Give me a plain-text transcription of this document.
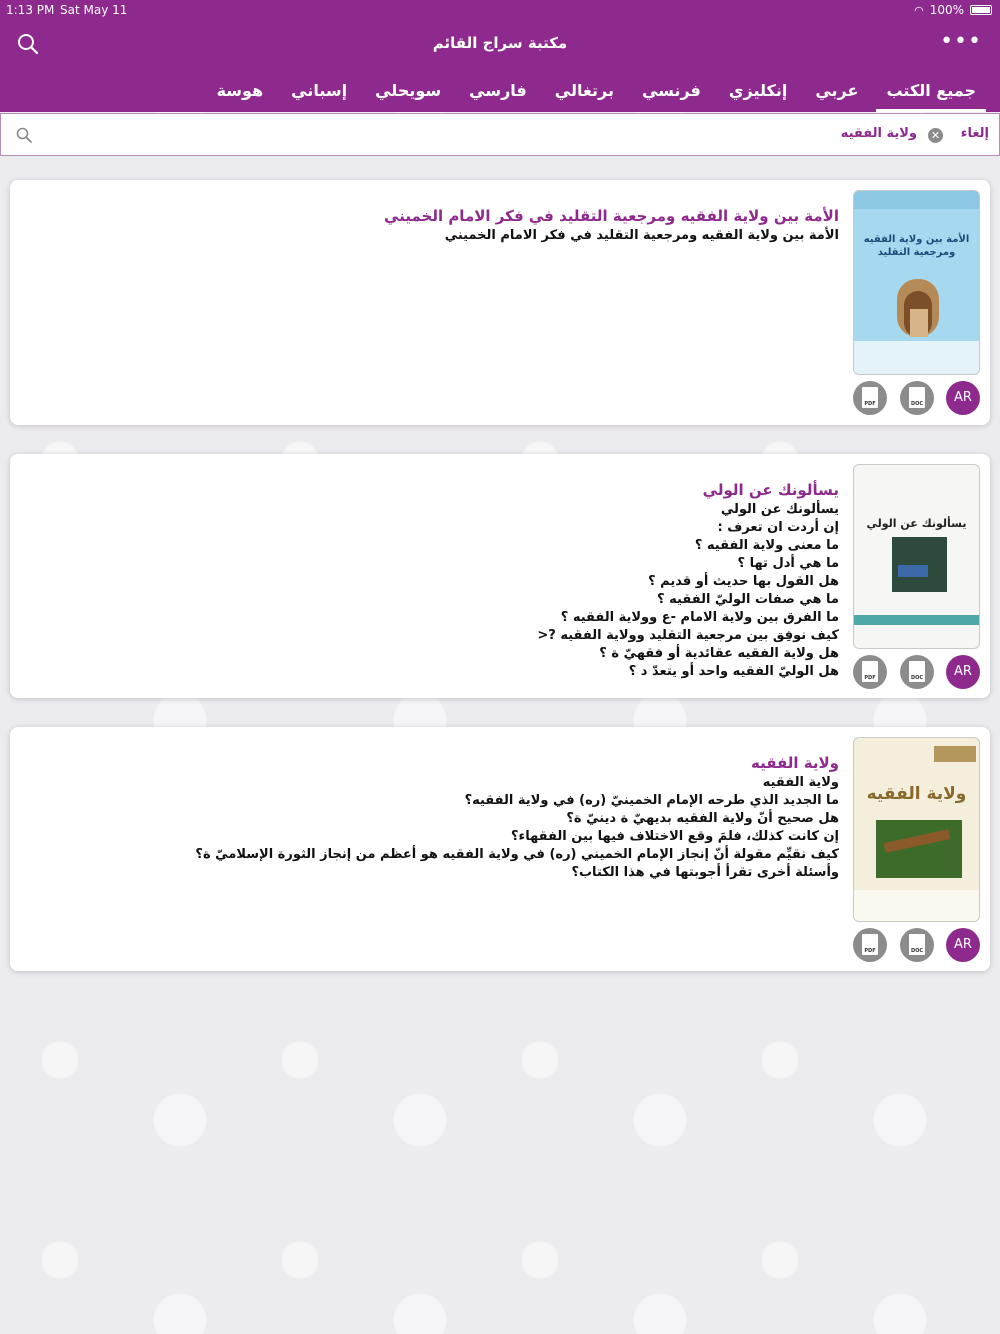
1:13 PM Sat May 11	◠ 100%
مكتبة سراج القائم	•••
جميع الكتب
عربي
إنكليزي
فرنسي
برتغالي
فارسي
سويحلي
إسباني
هوسة
إلغاء
✕
ولاية الفقيه
الأمة بين ولاية الفقيه ومرجعية التقليد
AR
DOC
PDF
الأمة بين ولاية الفقيه ومرجعية التقليد في فكر الامام الخميني
الأمة بين ولاية الفقيه ومرجعية التقليد في فكر الامام الخميني
يسألونك عن الولي
AR
DOC
PDF
يسألونك عن الولي
يسألونك عن الولي
إن أردت ان تعرف :
ما معنى ولاية الفقيه ؟
ما هي أدل تها ؟
هل القول بها حديث أو قديم ؟
ما هي صفات الوليّ الفقيه ؟
ما الفرق بين ولاية الامام -ع وولاية الفقيه ؟
كيف نوفِق بين مرجعية التقليد وولاية الفقيه ?<
هل ولاية الفقيه عقائدية أو فقهيّ ة ؟
هل الوليّ الفقيه واحد أو يتعدّ د ؟
ولاية الفقيه
AR
DOC
PDF
ولاية الفقيه
ولاية الفقيه
ما الجديد الذي طرحه الإمام الخمينيّ (ره) في ولاية الفقيه؟
هل صحيح أنّ ولاية الفقيه بديهيّ ة دينيّ ة؟
إن كانت كذلك، فلمَ وقع الاختلاف فيها بين الفقهاء؟
كيف نقيِّم مقولة أنّ إنجاز الإمام الخميني (ره) في ولاية الفقيه هو أعظم من إنجاز الثورة الإسلاميّ ة؟
وأسئلة أخرى تقرأ أجوبتها في هذا الكتاب؟
